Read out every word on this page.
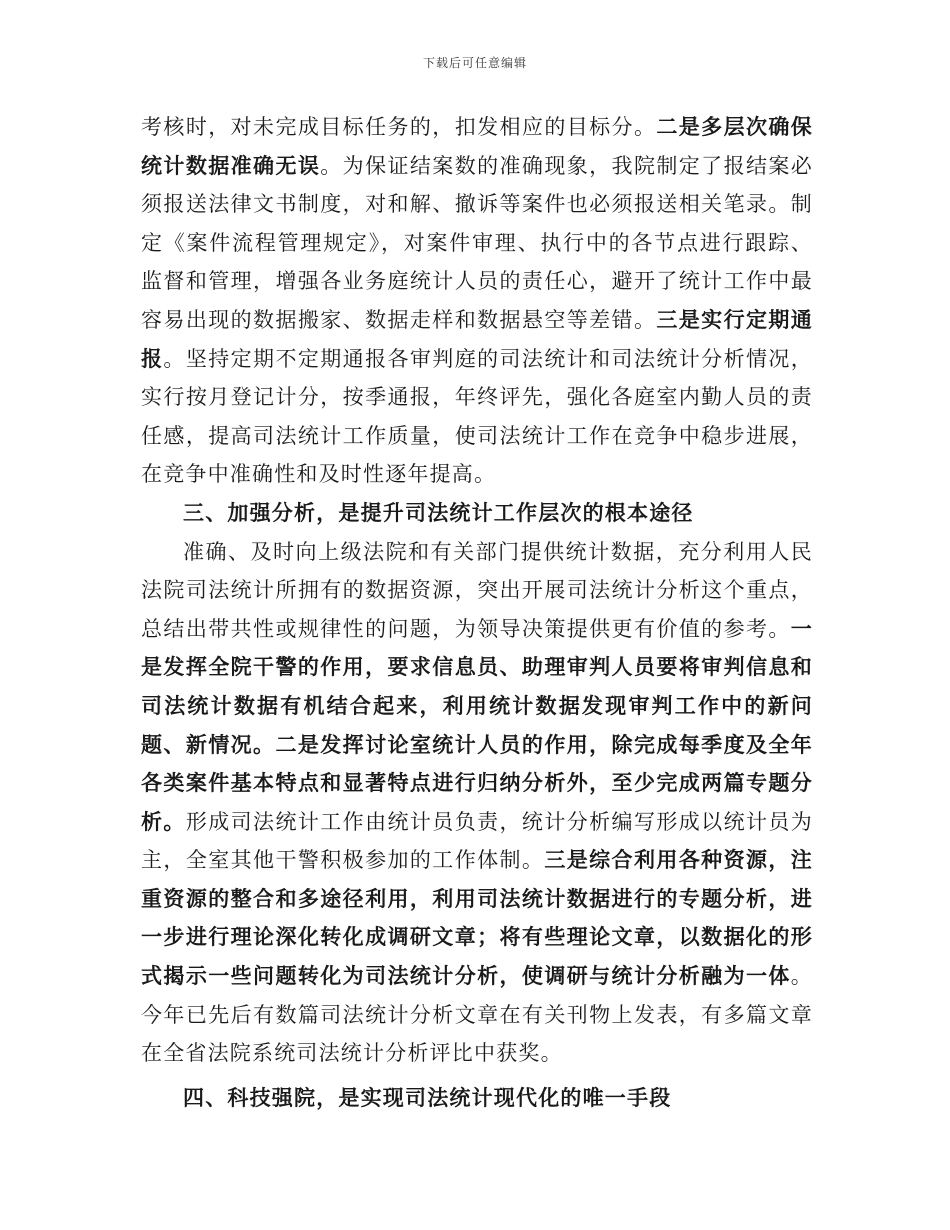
下载后可任意编辑

考核时，对未完成目标任务的，扣发相应的目标分。二是多层次确保统计数据准确无误。为保证结案数的准确现象，我院制定了报结案必须报送法律文书制度，对和解、撤诉等案件也必须报送相关笔录。制定《案件流程管理规定》，对案件审理、执行中的各节点进行跟踪、监督和管理，增强各业务庭统计人员的责任心，避开了统计工作中最容易出现的数据搬家、数据走样和数据悬空等差错。三是实行定期通报。坚持定期不定期通报各审判庭的司法统计和司法统计分析情况，实行按月登记计分，按季通报，年终评先，强化各庭室内勤人员的责任感，提高司法统计工作质量，使司法统计工作在竞争中稳步进展，在竞争中准确性和及时性逐年提高。

三、加强分析，是提升司法统计工作层次的根本途径

准确、及时向上级法院和有关部门提供统计数据，充分利用人民法院司法统计所拥有的数据资源，突出开展司法统计分析这个重点，总结出带共性或规律性的问题，为领导决策提供更有价值的参考。一是发挥全院干警的作用，要求信息员、助理审判人员要将审判信息和司法统计数据有机结合起来，利用统计数据发现审判工作中的新问题、新情况。二是发挥讨论室统计人员的作用，除完成每季度及全年各类案件基本特点和显著特点进行归纳分析外，至少完成两篇专题分析。形成司法统计工作由统计员负责，统计分析编写形成以统计员为主，全室其他干警积极参加的工作体制。三是综合利用各种资源，注重资源的整合和多途径利用，利用司法统计数据进行的专题分析，进一步进行理论深化转化成调研文章；将有些理论文章，以数据化的形式揭示一些问题转化为司法统计分析，使调研与统计分析融为一体。今年已先后有数篇司法统计分析文章在有关刊物上发表，有多篇文章在全省法院系统司法统计分析评比中获奖。

四、科技强院，是实现司法统计现代化的唯一手段
